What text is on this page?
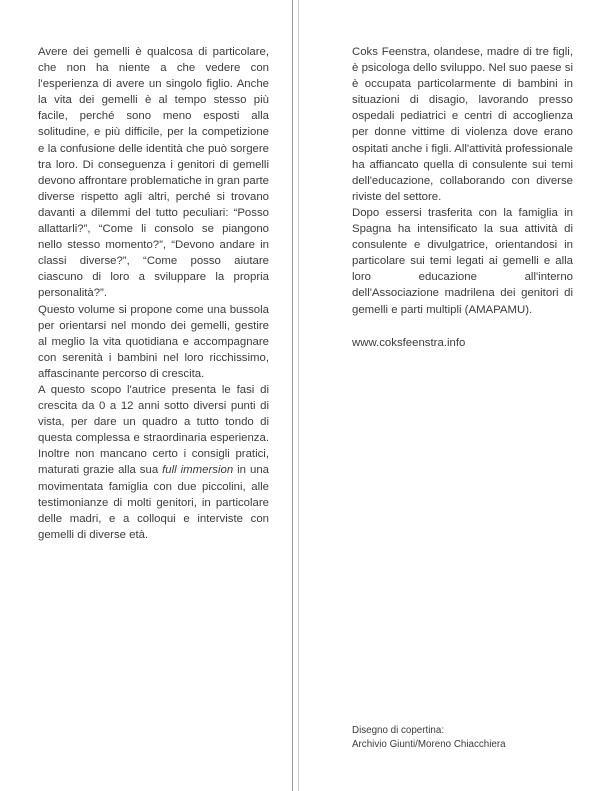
Avere dei gemelli è qualcosa di particolare, che non ha niente a che vedere con l'esperienza di avere un singolo figlio. Anche la vita dei gemelli è al tempo stesso più facile, perché sono meno esposti alla solitudine, e più difficile, per la competizione e la confusione delle identità che può sorgere tra loro. Di conseguenza i genitori di gemelli devono affrontare problematiche in gran parte diverse rispetto agli altri, perché si trovano davanti a dilemmi del tutto peculiari: “Posso allattarli?”, “Come li consolo se piangono nello stesso momento?”, “Devono andare in classi diverse?”, “Come posso aiutare ciascuno di loro a sviluppare la propria personalità?”.

Questo volume si propone come una bussola per orientarsi nel mondo dei gemelli, gestire al meglio la vita quotidiana e accompagnare con serenità i bambini nel loro ricchissimo, affascinante percorso di crescita.

A questo scopo l'autrice presenta le fasi di crescita da 0 a 12 anni sotto diversi punti di vista, per dare un quadro a tutto tondo di questa complessa e straordinaria esperienza. Inoltre non mancano certo i consigli pratici, maturati grazie alla sua full immersion in una movimentata famiglia con due piccolini, alle testimonianze di molti genitori, in particolare delle madri, e a colloqui e interviste con gemelli di diverse età.

Coks Feenstra, olandese, madre di tre figli, è psicologa dello sviluppo. Nel suo paese si è occupata particolarmente di bambini in situazioni di disagio, lavorando presso ospedali pediatrici e centri di accoglienza per donne vittime di violenza dove erano ospitati anche i figli. All'attività professionale ha affiancato quella di consulente sui temi dell'educazione, collaborando con diverse riviste del settore.

Dopo essersi trasferita con la famiglia in Spagna ha intensificato la sua attività di consulente e divulgatrice, orientandosi in particolare sui temi legati ai gemelli e alla loro educazione all'interno dell'Associazione madrilena dei genitori di gemelli e parti multipli (AMAPAMU).

www.coksfeenstra.info

Disegno di copertina:
Archivio Giunti/Moreno Chiacchiera
